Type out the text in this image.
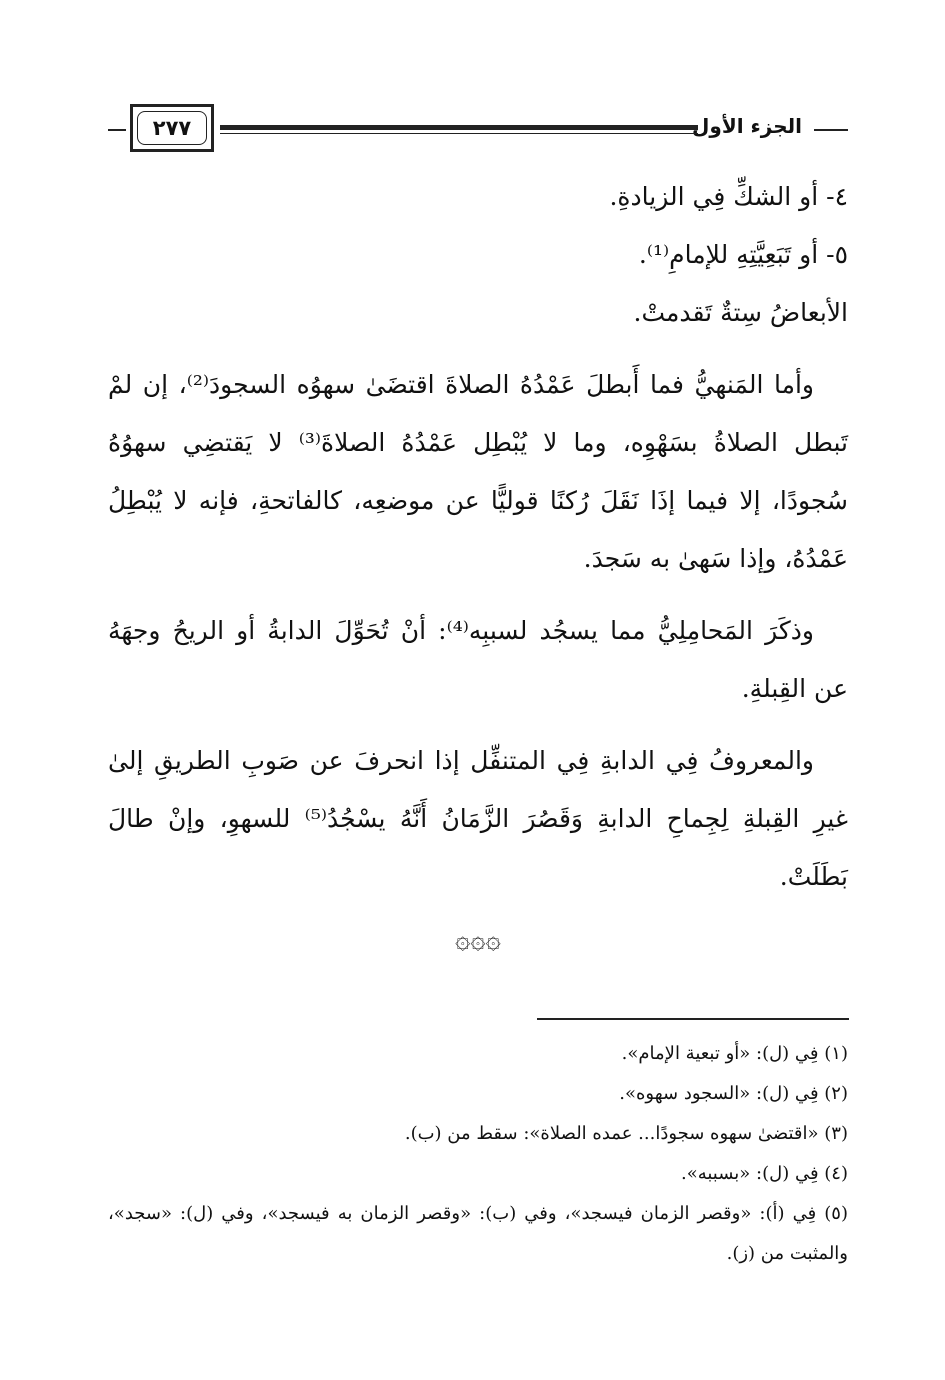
الجزء الأول
٢٧٧

٤- أو الشكِّ فِي الزيادةِ.

٥- أو تَبَعِيَّتِهِ للإمامِ⁽¹⁾.

الأبعاضُ سِتةٌ تَقدمتْ.

وأما المَنهيُّ فما أَبطلَ عَمْدُهُ الصلاةَ اقتضَىٰ سهوُه السجودَ⁽²⁾، إن لمْ تَبطل الصلاةُ بسَهْوِه، وما لا يُبْطِل عَمْدُهُ الصلاةَ⁽³⁾ لا يَقتضِي سهوُهُ سُجودًا، إلا فيما إذَا نَقَلَ رُكنًا قوليًّا عن موضعِه، كالفاتحةِ، فإنه لا يُبْطِلُ عَمْدُهُ، وإذا سَهىٰ به سَجدَ.

وذكَرَ المَحامِلِيُّ مما يسجُد لسببِه⁽⁴⁾: أنْ تُحَوِّلَ الدابةُ أو الريحُ وجهَهُ عن القِبلةِ.

والمعروفُ فِي الدابةِ فِي المتنفِّل إذا انحرفَ عن صَوبِ الطريقِ إلىٰ غيرِ القِبلةِ لِجِماحِ الدابةِ وَقَصُرَ الزَّمَانُ أَنَّهُ يسْجُدُ⁽⁵⁾ للسهوِ، وإنْ طالَ بَطَلَتْ.

۞۞۞

(١) فِي (ل): «أو تبعية الإمام».

(٢) فِي (ل): «السجود سهوه».

(٣) «اقتضىٰ سهوه سجودًا... عمده الصلاة»: سقط من (ب).

(٤) فِي (ل): «بسببه».

(٥) فِي (أ): «وقصر الزمان فيسجد»، وفي (ب): «وقصر الزمان به فيسجد»، وفي (ل): «سجد»، والمثبت من (ز).
